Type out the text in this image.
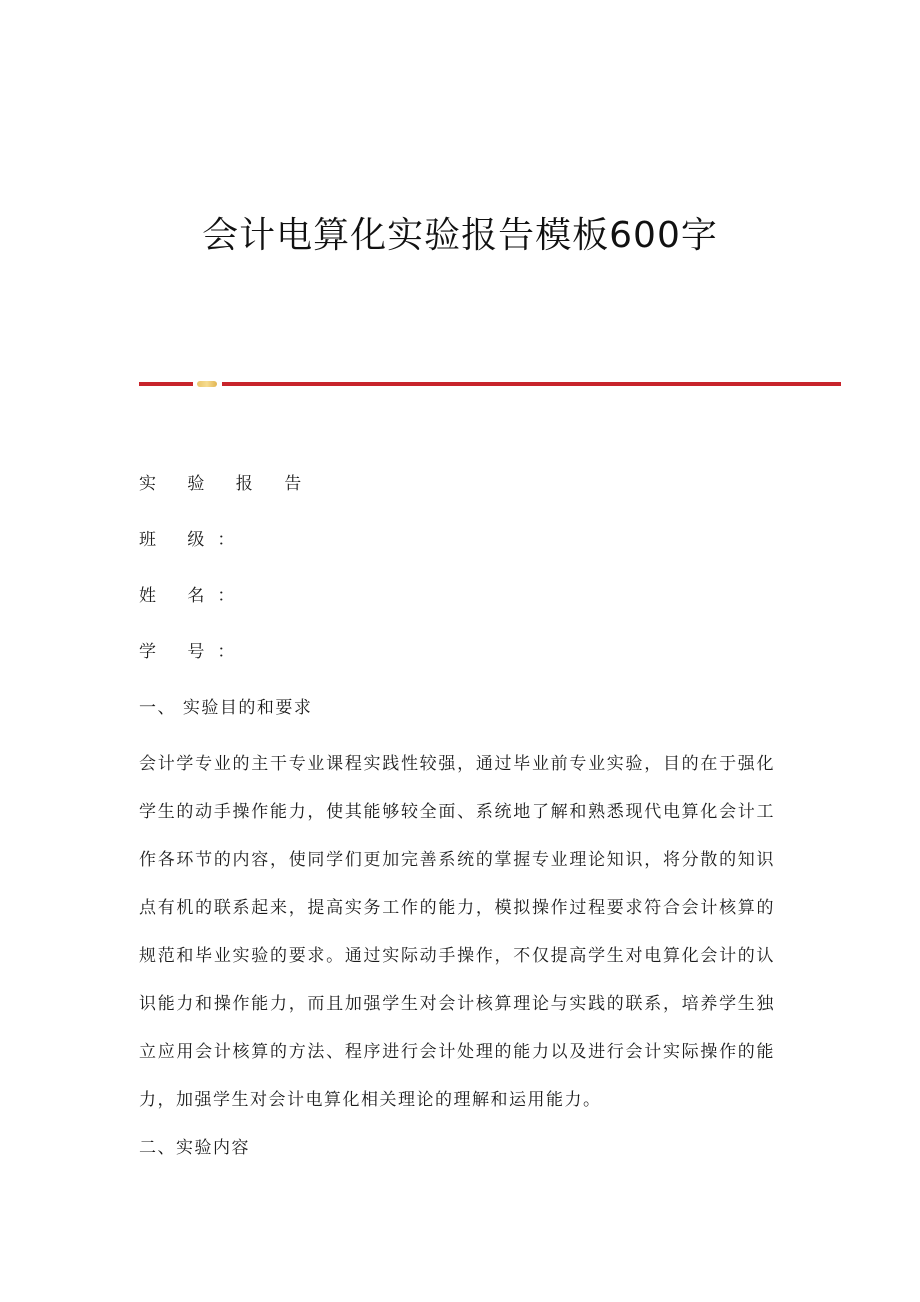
会计电算化实验报告模板600字

实 验 报 告

班 级：

姓 名：

学 号：

一、 实验目的和要求

会计学专业的主干专业课程实践性较强，通过毕业前专业实验，目的在于强化学生的动手操作能力，使其能够较全面、系统地了解和熟悉现代电算化会计工作各环节的内容，使同学们更加完善系统的掌握专业理论知识，将分散的知识点有机的联系起来，提高实务工作的能力，模拟操作过程要求符合会计核算的规范和毕业实验的要求。通过实际动手操作，不仅提高学生对电算化会计的认识能力和操作能力，而且加强学生对会计核算理论与实践的联系，培养学生独立应用会计核算的方法、程序进行会计处理的能力以及进行会计实际操作的能力，加强学生对会计电算化相关理论的理解和运用能力。

二、实验内容
